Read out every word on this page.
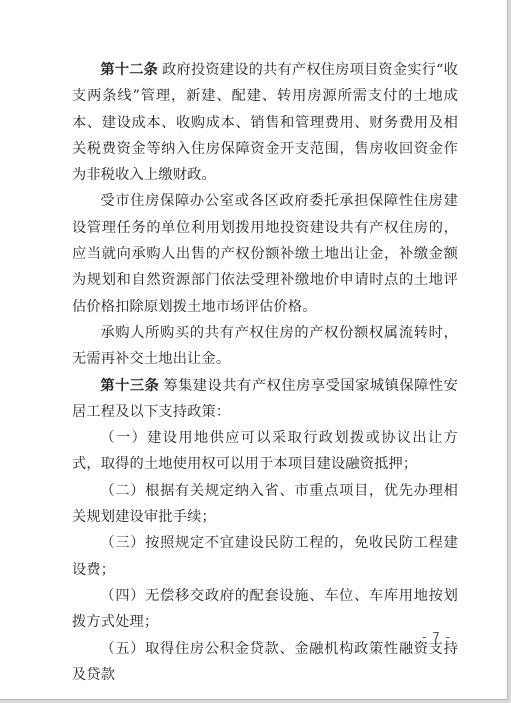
第十二条 政府投资建设的共有产权住房项目资金实行“收支两条线”管理，新建、配建、转用房源所需支付的土地成本、建设成本、收购成本、销售和管理费用、财务费用及相关税费资金等纳入住房保障资金开支范围，售房收回资金作为非税收入上缴财政。

受市住房保障办公室或各区政府委托承担保障性住房建设管理任务的单位利用划拨用地投资建设共有产权住房的，应当就向承购人出售的产权份额补缴土地出让金，补缴金额为规划和自然资源部门依法受理补缴地价申请时点的土地评估价格扣除原划拨土地市场评估价格。

承购人所购买的共有产权住房的产权份额权属流转时，无需再补交土地出让金。

第十三条 筹集建设共有产权住房享受国家城镇保障性安居工程及以下支持政策：

（一）建设用地供应可以采取行政划拨或协议出让方式，取得的土地使用权可以用于本项目建设融资抵押；

（二）根据有关规定纳入省、市重点项目，优先办理相关规划建设审批手续；

（三）按照规定不宜建设民防工程的，免收民防工程建设费；

（四）无偿移交政府的配套设施、车位、车库用地按划拨方式处理；

（五）取得住房公积金贷款、金融机构政策性融资支持及贷款

- 7 -
